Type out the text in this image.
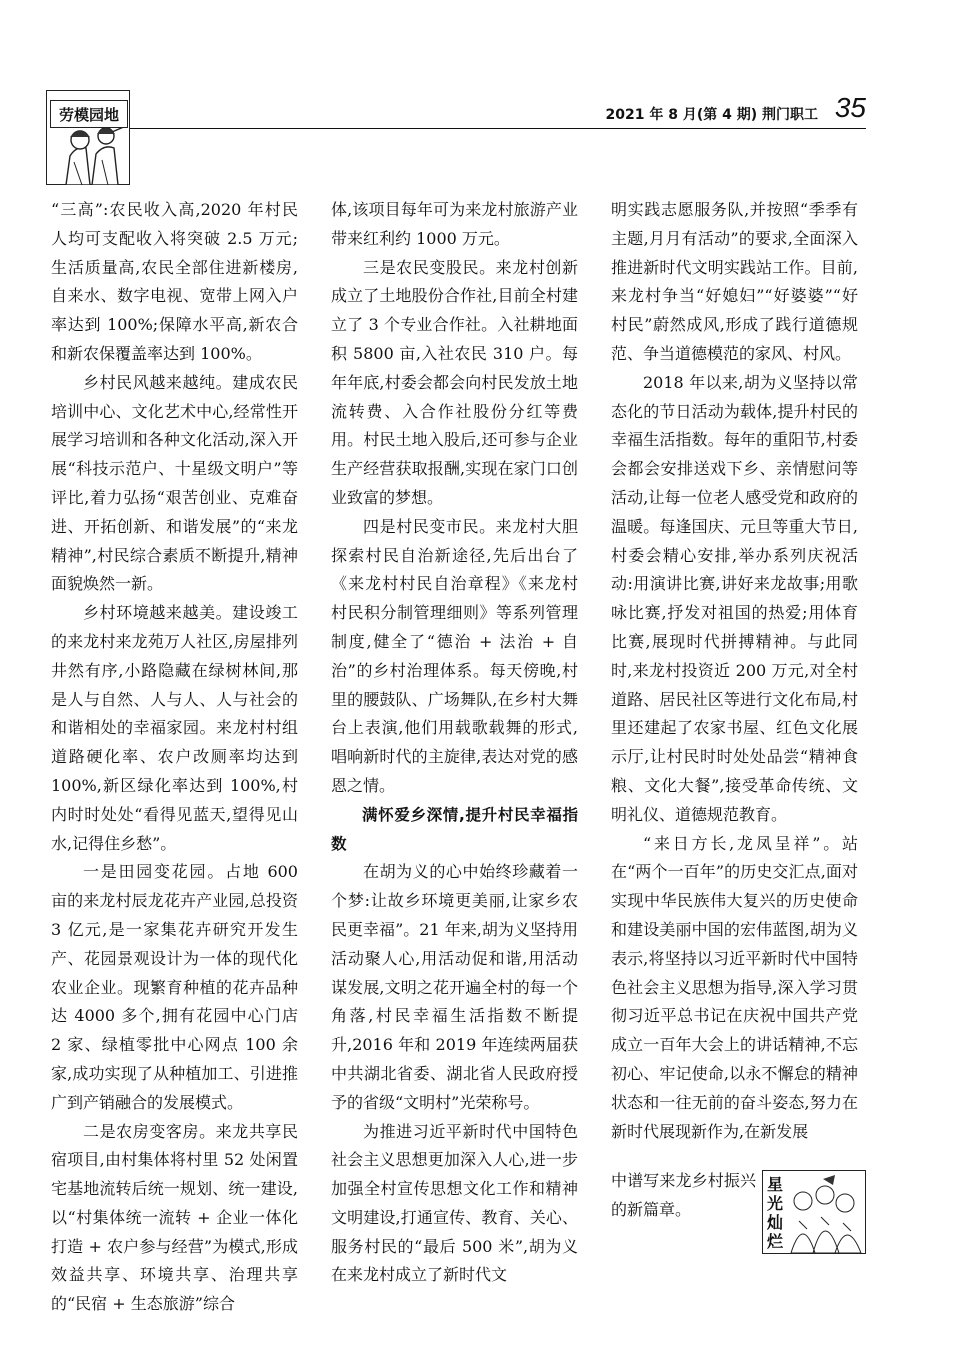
劳模园地	2021 年 8 月(第 4 期) 荆门职工 35

“三高”:农民收入高,2020 年村民人均可支配收入将突破 2.5 万元;生活质量高,农民全部住进新楼房,自来水、数字电视、宽带上网入户率达到 100%;保障水平高,新农合和新农保覆盖率达到 100%。

乡村民风越来越纯。建成农民培训中心、文化艺术中心,经常性开展学习培训和各种文化活动,深入开展“科技示范户、十星级文明户”等评比,着力弘扬“艰苦创业、克难奋进、开拓创新、和谐发展”的“来龙精神”,村民综合素质不断提升,精神面貌焕然一新。

乡村环境越来越美。建设竣工的来龙村来龙苑万人社区,房屋排列井然有序,小路隐藏在绿树林间,那是人与自然、人与人、人与社会的和谐相处的幸福家园。来龙村村组道路硬化率、农户改厕率均达到 100%,新区绿化率达到 100%,村内时时处处“看得见蓝天,望得见山水,记得住乡愁”。

一是田园变花园。占地 600 亩的来龙村辰龙花卉产业园,总投资 3 亿元,是一家集花卉研究开发生产、花园景观设计为一体的现代化农业企业。现繁育种植的花卉品种达 4000 多个,拥有花园中心门店 2 家、绿植零批中心网点 100 余家,成功实现了从种植加工、引进推广到产销融合的发展模式。

二是农房变客房。来龙共享民宿项目,由村集体将村里 52 处闲置宅基地流转后统一规划、统一建设,以“村集体统一流转 + 企业一体化打造 + 农户参与经营”为模式,形成效益共享、环境共享、治理共享的“民宿 + 生态旅游”综合

体,该项目每年可为来龙村旅游产业带来红利约 1000 万元。

三是农民变股民。来龙村创新成立了土地股份合作社,目前全村建立了 3 个专业合作社。入社耕地面积 5800 亩,入社农民 310 户。每年年底,村委会都会向村民发放土地流转费、入合作社股份分红等费用。村民土地入股后,还可参与企业生产经营获取报酬,实现在家门口创业致富的梦想。

四是村民变市民。来龙村大胆探索村民自治新途径,先后出台了《来龙村村民自治章程》《来龙村村民积分制管理细则》等系列管理制度,健全了“德治 + 法治 + 自治”的乡村治理体系。每天傍晚,村里的腰鼓队、广场舞队,在乡村大舞台上表演,他们用载歌载舞的形式,唱响新时代的主旋律,表达对党的感恩之情。

满怀爱乡深情,提升村民幸福指数

在胡为义的心中始终珍藏着一个梦:让故乡环境更美丽,让家乡农民更幸福”。21 年来,胡为义坚持用活动聚人心,用活动促和谐,用活动谋发展,文明之花开遍全村的每一个角落,村民幸福生活指数不断提升,2016 年和 2019 年连续两届获中共湖北省委、湖北省人民政府授予的省级“文明村”光荣称号。

为推进习近平新时代中国特色社会主义思想更加深入人心,进一步加强全村宣传思想文化工作和精神文明建设,打通宣传、教育、关心、服务村民的“最后 500 米”,胡为义在来龙村成立了新时代文

明实践志愿服务队,并按照“季季有主题,月月有活动”的要求,全面深入推进新时代文明实践站工作。目前,来龙村争当“好媳妇”“好婆婆”“好村民”蔚然成风,形成了践行道德规范、争当道德模范的家风、村风。

2018 年以来,胡为义坚持以常态化的节日活动为载体,提升村民的幸福生活指数。每年的重阳节,村委会都会安排送戏下乡、亲情慰问等活动,让每一位老人感受党和政府的温暖。每逢国庆、元旦等重大节日,村委会精心安排,举办系列庆祝活动:用演讲比赛,讲好来龙故事;用歌咏比赛,抒发对祖国的热爱;用体育比赛,展现时代拼搏精神。与此同时,来龙村投资近 200 万元,对全村道路、居民社区等进行文化布局,村里还建起了农家书屋、红色文化展示厅,让村民时时处处品尝“精神食粮、文化大餐”,接受革命传统、文明礼仪、道德规范教育。

“来日方长,龙凤呈祥”。站在“两个一百年”的历史交汇点,面对实现中华民族伟大复兴的历史使命和建设美丽中国的宏伟蓝图,胡为义表示,将坚持以习近平新时代中国特色社会主义思想为指导,深入学习贯彻习近平总书记在庆祝中国共产党成立一百年大会上的讲话精神,不忘初心、牢记使命,以永不懈怠的精神状态和一往无前的奋斗姿态,努力在新时代展现新作为,在新发展

中谱写来龙乡村振兴的新篇章。

星光灿烂
